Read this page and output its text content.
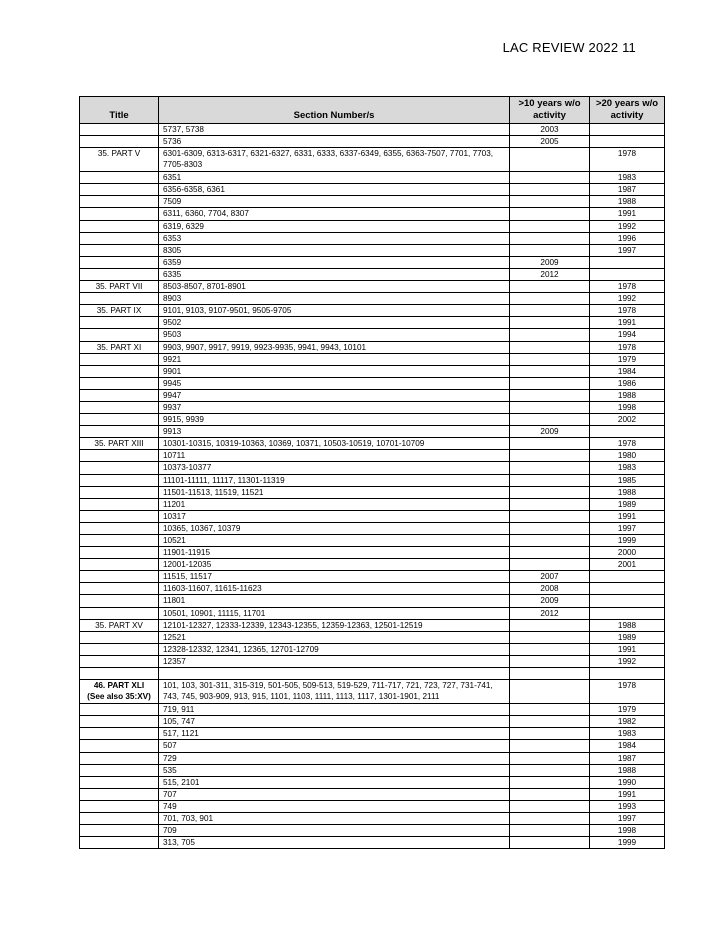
LAC REVIEW 2022 11
Title	Section Number/s	>10 years w/o activity	>20 years w/o activity
	5737, 5738	2003	
	5736	2005	
35. PART V	6301-6309, 6313-6317, 6321-6327, 6331, 6333, 6337-6349, 6355, 6363-7507, 7701, 7703, 7705-8303		1978
	6351		1983
	6356-6358, 6361		1987
	7509		1988
	6311, 6360, 7704, 8307		1991
	6319, 6329		1992
	6353		1996
	8305		1997
	6359	2009	
	6335	2012	
35. PART VII	8503-8507, 8701-8901		1978
	8903		1992
35. PART IX	9101, 9103, 9107-9501, 9505-9705		1978
	9502		1991
	9503		1994
35. PART XI	9903, 9907, 9917, 9919, 9923-9935, 9941, 9943, 10101		1978
	9921		1979
	9901		1984
	9945		1986
	9947		1988
	9937		1998
	9915, 9939		2002
	9913	2009	
35. PART XIII	10301-10315, 10319-10363, 10369, 10371, 10503-10519, 10701-10709		1978
	10711		1980
	10373-10377		1983
	11101-11111, 11117, 11301-11319		1985
	11501-11513, 11519, 11521		1988
	11201		1989
	10317		1991
	10365, 10367, 10379		1997
	10521		1999
	11901-11915		2000
	12001-12035		2001
	11515, 11517	2007	
	11603-11607, 11615-11623	2008	
	11801	2009	
	10501, 10901, 11115, 11701	2012	
35. PART XV	12101-12327, 12333-12339, 12343-12355, 12359-12363, 12501-12519		1988
	12521		1989
	12328-12332, 12341, 12365, 12701-12709		1991
	12357		1992

46. PART XLI
(See also 35:XV)	101, 103, 301-311, 315-319, 501-505, 509-513, 519-529, 711-717, 721, 723, 727, 731-741, 743, 745, 903-909, 913, 915, 1101, 1103, 1111, 1113, 1117, 1301-1901, 2111		1978
	719, 911		1979
	105, 747		1982
	517, 1121		1983
	507		1984
	729		1987
	535		1988
	515, 2101		1990
	707		1991
	749		1993
	701, 703, 901		1997
	709		1998
	313, 705		1999
